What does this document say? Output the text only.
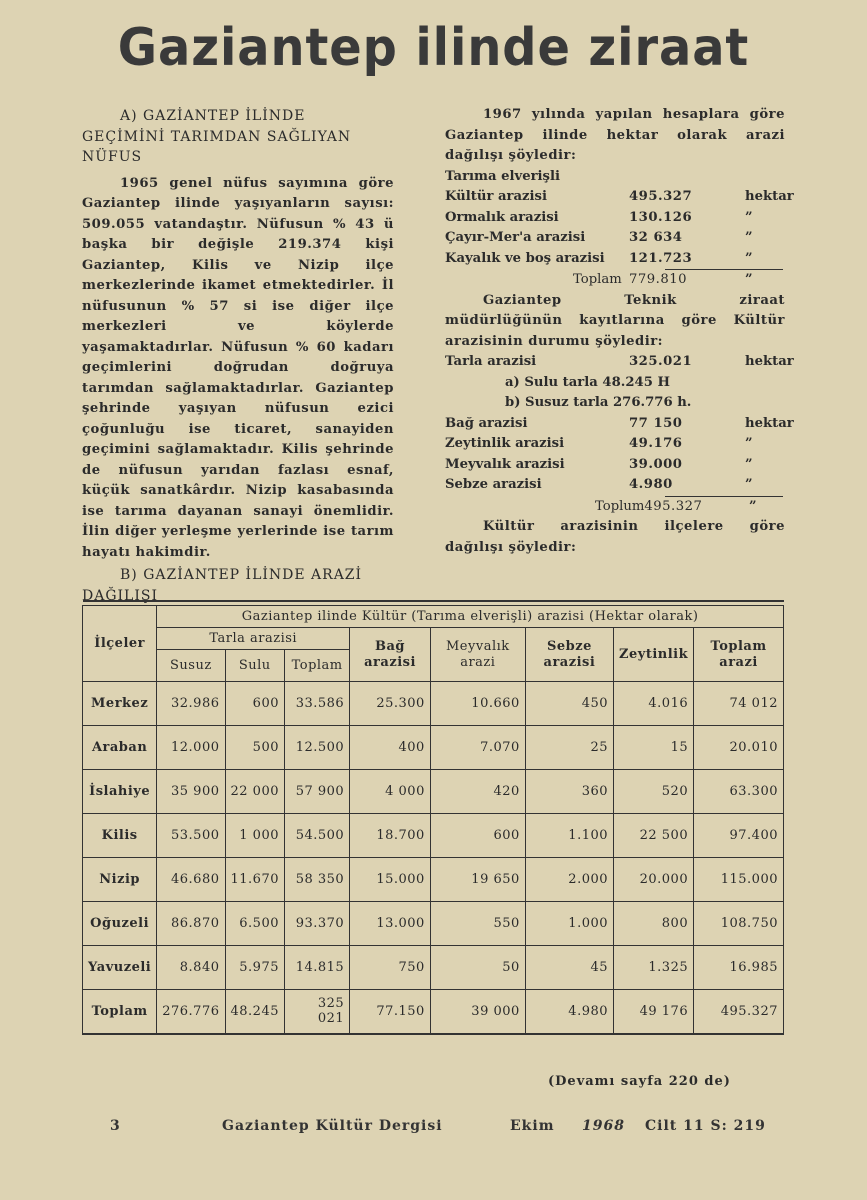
Gaziantep ilinde ziraat
A) GAZİANTEP İLİNDE GEÇİMİNİ TARIMDAN SAĞLIYAN NÜFUS
1965 genel nüfus sayımına göre Gaziantep ilinde yaşıyanların sayısı: 509.055 vatandaştır. Nüfusun % 43 ü başka bir değişle 219.374 kişi Gaziantep, Kilis ve Nizip ilçe merkezlerinde ikamet etmektedirler. İl nüfusunun % 57 si ise diğer ilçe merkezleri ve köylerde yaşamaktadırlar. Nüfusun % 60 kadarı geçimlerini doğrudan doğruya tarımdan sağlamaktadırlar. Gaziantep şehrinde yaşıyan nüfusun ezici çoğunluğu ise ticaret, sanayiden geçimini sağlamaktadır. Kilis şehrinde de nüfusun yarıdan fazlası esnaf, küçük sanatkârdır. Nizip kasabasında ise tarıma dayanan sanayi önemlidir. İlin diğer yerleşme yerlerinde ise tarım hayatı hakimdir.
B) GAZİANTEP İLİNDE ARAZİ DAĞILIŞI
1967 yılında yapılan hesaplara göre Gaziantep ilinde hektar olarak arazi dağılışı şöyledir:
Tarıma elverişli
Kültür arazisi	495.327	hektar
Ormalık arazisi	130.126	”
Çayır-Mer'a arazisi	32 634	”
Kayalık ve boş arazisi	121.723	”
Toplam 779.810	”
Gaziantep Teknik ziraat müdürlüğünün kayıtlarına göre Kültür arazisinin durumu şöyledir:
Tarla arazisi	325.021	hektar
a) Sulu tarla 48.245 H
b) Susuz tarla 276.776 h.
Bağ arazisi	77 150	hektar
Zeytinlik arazisi	49.176	”
Meyvalık arazisi	39.000	”
Sebze arazisi	4.980	”
Toplum 495.327	”
Kültür arazisinin ilçelere göre dağılışı şöyledir:

İlçeler	Gaziantep ilinde Kültür (Tarıma elverişli) arazisi (Hektar olarak)							
	Tarla arazisi			Bağ arazisi	Meyvalık arazi	Sebze arazisi	Zeytinlik	Toplam arazi
	Susuz	Sulu	Toplam					
Merkez	32.986	600	33.586	25.300	10.660	450	4.016	74 012
Araban	12.000	500	12.500	400	7.070	25	15	20.010
İslahiye	35 900	22 000	57 900	4 000	420	360	520	63.300
Kilis	53.500	1 000	54.500	18.700	600	1.100	22 500	97.400
Nizip	46.680	11.670	58 350	15.000	19 650	2.000	20.000	115.000
Oğuzeli	86.870	6.500	93.370	13.000	550	1.000	800	108.750
Yavuzeli	8.840	5.975	14.815	750	50	45	1.325	16.985
Toplam	276.776	48.245	325 021	77.150	39 000	4.980	49 176	495.327

(Devamı sayfa 220 de)
3	Gaziantep Kültür Dergisi	Ekim 1968 Cilt 11 S: 219
